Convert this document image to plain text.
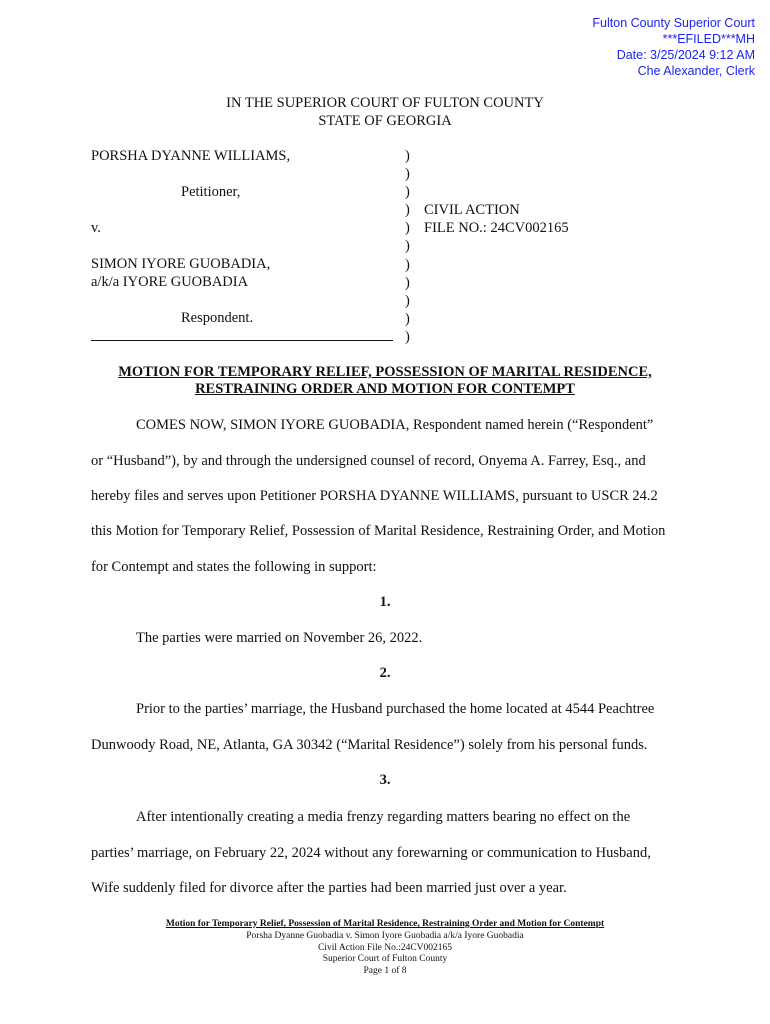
Fulton County Superior Court
***EFILED***MH
Date: 3/25/2024 9:12 AM
Che Alexander, Clerk
IN THE SUPERIOR COURT OF FULTON COUNTY
STATE OF GEORGIA
PORSHA DYANNE WILLIAMS,
Petitioner,
v.
SIMON IYORE GUOBADIA,
a/k/a IYORE GUOBADIA
Respondent.
)
)
)
)
)
)
)
)
)
)
)
CIVIL ACTION
FILE NO.: 24CV002165
MOTION FOR TEMPORARY RELIEF, POSSESSION OF MARITAL RESIDENCE,
RESTRAINING ORDER AND MOTION FOR CONTEMPT
COMES NOW, SIMON IYORE GUOBADIA, Respondent named herein (“Respondent”
or “Husband”), by and through the undersigned counsel of record, Onyema A. Farrey, Esq., and
hereby files and serves upon Petitioner PORSHA DYANNE WILLIAMS, pursuant to USCR 24.2
this Motion for Temporary Relief, Possession of Marital Residence, Restraining Order, and Motion
for Contempt and states the following in support:
1.
The parties were married on November 26, 2022.
2.
Prior to the parties’ marriage, the Husband purchased the home located at 4544 Peachtree
Dunwoody Road, NE, Atlanta, GA 30342 (“Marital Residence”) solely from his personal funds.
3.
After intentionally creating a media frenzy regarding matters bearing no effect on the
parties’ marriage, on February 22, 2024 without any forewarning or communication to Husband,
Wife suddenly filed for divorce after the parties had been married just over a year.
Motion for Temporary Relief, Possession of Marital Residence, Restraining Order and Motion for Contempt
Porsha Dyanne Guobadia v. Simon Iyore Guobadia a/k/a Iyore Guobadia
Civil Action File No.:24CV002165
Superior Court of Fulton County
Page 1 of 8
